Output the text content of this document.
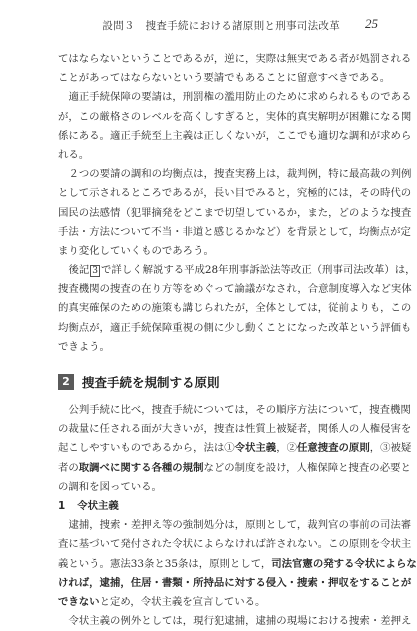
設問３　捜査手続における諸原則と刑事司法改革 25
てはならないということであるが，逆に，実際は無実である者が処罰される
ことがあってはならないという要請でもあることに留意すべきである。
適正手続保障の要請は，刑罰権の濫用防止のために求められるものである
が，この厳格さのレベルを高くしすぎると，実体的真実解明が困難になる関
係にある。適正手続至上主義は正しくないが，ここでも適切な調和が求めら
れる。
２つの要請の調和の均衡点は，捜査実務上は，裁判例，特に最高裁の判例
として示されるところであるが，長い目でみると，究極的には，その時代の
国民の法感情（犯罪摘発をどこまで切望しているか，また，どのような捜査
手法・方法について不当・非道と感じるかなど）を背景として，均衡点が定
まり変化していくものであろう。
後記 3 で詳しく解説する平成28年刑事訴訟法等改正（刑事司法改革）は，
捜査機関の捜査の在り方等をめぐって論議がなされ，合意制度導入など実体
的真実確保のための施策も講じられたが，全体としては，従前よりも，この
均衡点が，適正手続保障重視の側に少し動くことになった改革という評価も
できよう。
2 捜査手続を規制する原則
公判手続に比べ，捜査手続については，その順序方法について，捜査機関
の裁量に任される面が大きいが，捜査は性質上被疑者，関係人の人権侵害を
起こしやすいものであるから，法は①令状主義，②任意捜査の原則，③被疑
者の取調べに関する各種の規制などの制度を設け，人権保障と捜査の必要と
の調和を図っている。
1 令状主義
逮捕，捜索・差押え等の強制処分は，原則として，裁判官の事前の司法審
査に基づいて発付された令状によらなければ許されない。この原則を令状主
義という。憲法33条と35条は，原則として，司法官憲の発する令状によらな
ければ，逮捕，住居・書類・所持品に対する侵入・捜索・押収をすることが
できないと定め，令状主義を宣言している。
令状主義の例外としては，現行犯逮捕，逮捕の現場における捜索・差押え
